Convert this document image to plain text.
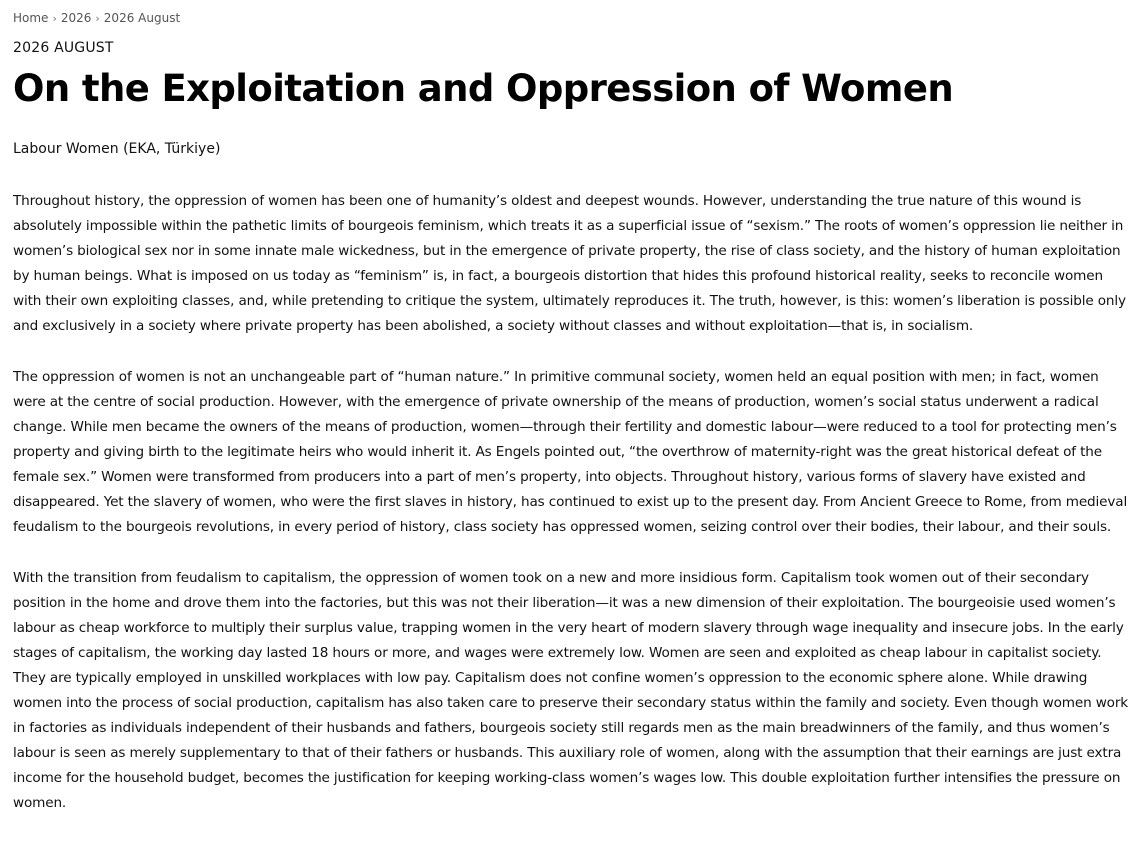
Home › 2026 › 2026 August
2026 AUGUST
On the Exploitation and Oppression of Women
Labour Women (EKA, Türkiye)

Throughout history, the oppression of women has been one of humanity’s oldest and deepest wounds. However, understanding the true nature of this wound is absolutely impossible within the pathetic limits of bourgeois feminism, which treats it as a superficial issue of “sexism.” The roots of women’s oppression lie neither in women’s biological sex nor in some innate male wickedness, but in the emergence of private property, the rise of class society, and the history of human exploitation by human beings. What is imposed on us today as “feminism” is, in fact, a bourgeois distortion that hides this profound historical reality, seeks to reconcile women with their own exploiting classes, and, while pretending to critique the system, ultimately reproduces it. The truth, however, is this: women’s liberation is possible only and exclusively in a society where private property has been abolished, a society without classes and without exploitation—that is, in socialism.

The oppression of women is not an unchangeable part of “human nature.” In primitive communal society, women held an equal position with men; in fact, women were at the centre of social production. However, with the emergence of private ownership of the means of production, women’s social status underwent a radical change. While men became the owners of the means of production, women—through their fertility and domestic labour—were reduced to a tool for protecting men’s property and giving birth to the legitimate heirs who would inherit it. As Engels pointed out, “the overthrow of maternity-right was the great historical defeat of the female sex.” Women were transformed from producers into a part of men’s property, into objects. Throughout history, various forms of slavery have existed and disappeared. Yet the slavery of women, who were the first slaves in history, has continued to exist up to the present day. From Ancient Greece to Rome, from medieval feudalism to the bourgeois revolutions, in every period of history, class society has oppressed women, seizing control over their bodies, their labour, and their souls.

With the transition from feudalism to capitalism, the oppression of women took on a new and more insidious form. Capitalism took women out of their secondary position in the home and drove them into the factories, but this was not their liberation—it was a new dimension of their exploitation. The bourgeoisie used women’s labour as cheap workforce to multiply their surplus value, trapping women in the very heart of modern slavery through wage inequality and insecure jobs. In the early stages of capitalism, the working day lasted 18 hours or more, and wages were extremely low. Women are seen and exploited as cheap labour in capitalist society. They are typically employed in unskilled workplaces with low pay. Capitalism does not confine women’s oppression to the economic sphere alone. While drawing women into the process of social production, capitalism has also taken care to preserve their secondary status within the family and society. Even though women work in factories as individuals independent of their husbands and fathers, bourgeois society still regards men as the main breadwinners of the family, and thus women’s labour is seen as merely supplementary to that of their fathers or husbands. This auxiliary role of women, along with the assumption that their earnings are just extra income for the household budget, becomes the justification for keeping working-class women’s wages low. This double exploitation further intensifies the pressure on women.
